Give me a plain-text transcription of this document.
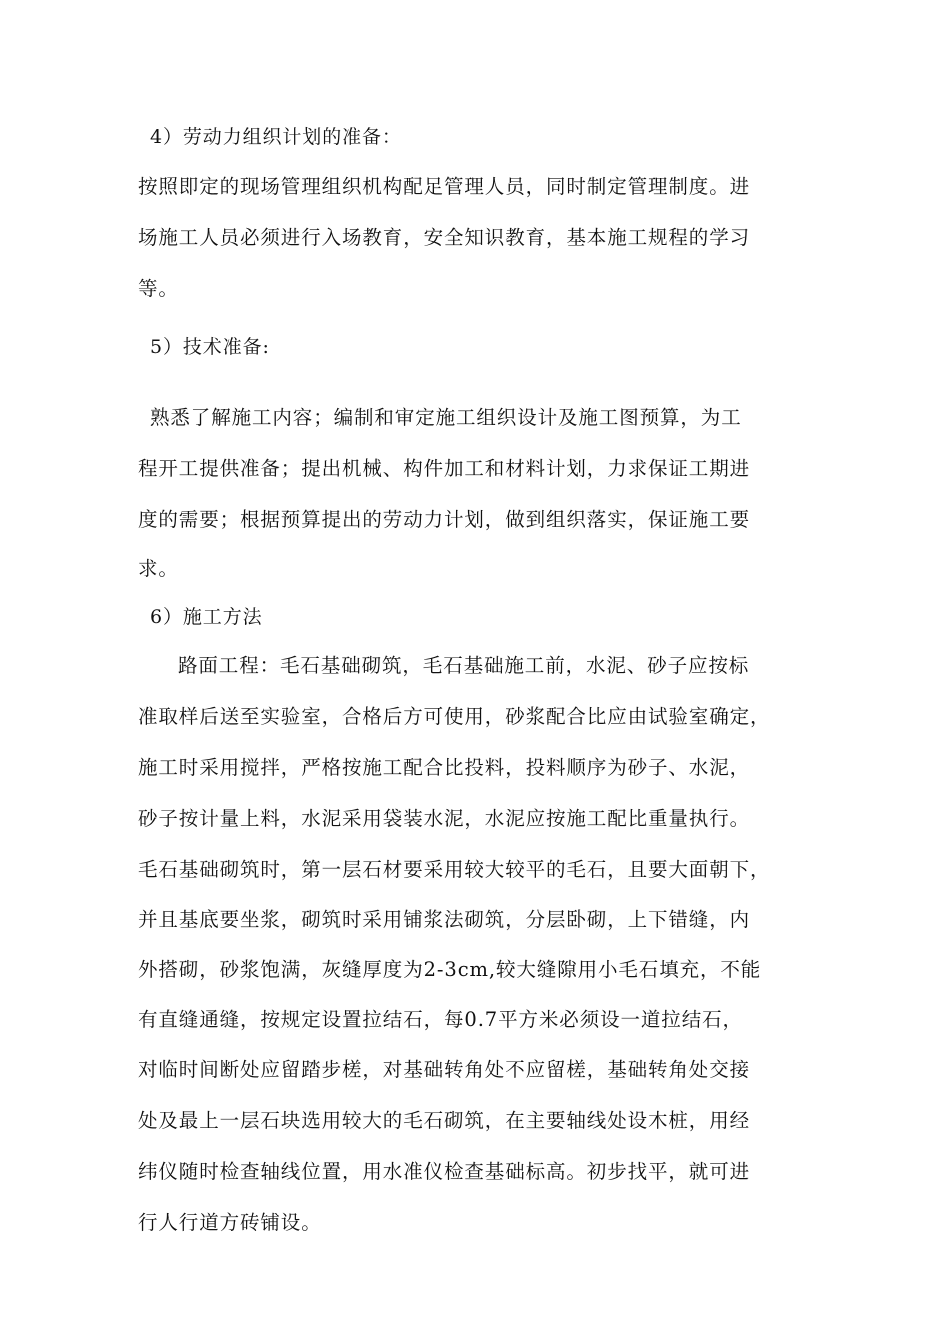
4）劳动力组织计划的准备：
按照即定的现场管理组织机构配足管理人员，同时制定管理制度。进
场施工人员必须进行入场教育，安全知识教育，基本施工规程的学习
等。
5）技术准备:
熟悉了解施工内容；编制和审定施工组织设计及施工图预算，为工
程开工提供准备；提出机械、构件加工和材料计划，力求保证工期进
度的需要；根据预算提出的劳动力计划，做到组织落实，保证施工要
求。
6）施工方法
路面工程：毛石基础砌筑，毛石基础施工前，水泥、砂子应按标
准取样后送至实验室，合格后方可使用，砂浆配合比应由试验室确定，
施工时采用搅拌，严格按施工配合比投料，投料顺序为砂子、水泥，
砂子按计量上料，水泥采用袋装水泥，水泥应按施工配比重量执行。
毛石基础砌筑时，第一层石材要采用较大较平的毛石，且要大面朝下，
并且基底要坐浆，砌筑时采用铺浆法砌筑，分层卧砌，上下错缝，内
外搭砌，砂浆饱满，灰缝厚度为2-3cm,较大缝隙用小毛石填充，不能
有直缝通缝，按规定设置拉结石，每0.7平方米必须设一道拉结石，
对临时间断处应留踏步槎，对基础转角处不应留槎，基础转角处交接
处及最上一层石块选用较大的毛石砌筑，在主要轴线处设木桩，用经
纬仪随时检查轴线位置，用水准仪检查基础标高。初步找平，就可进
行人行道方砖铺设。
